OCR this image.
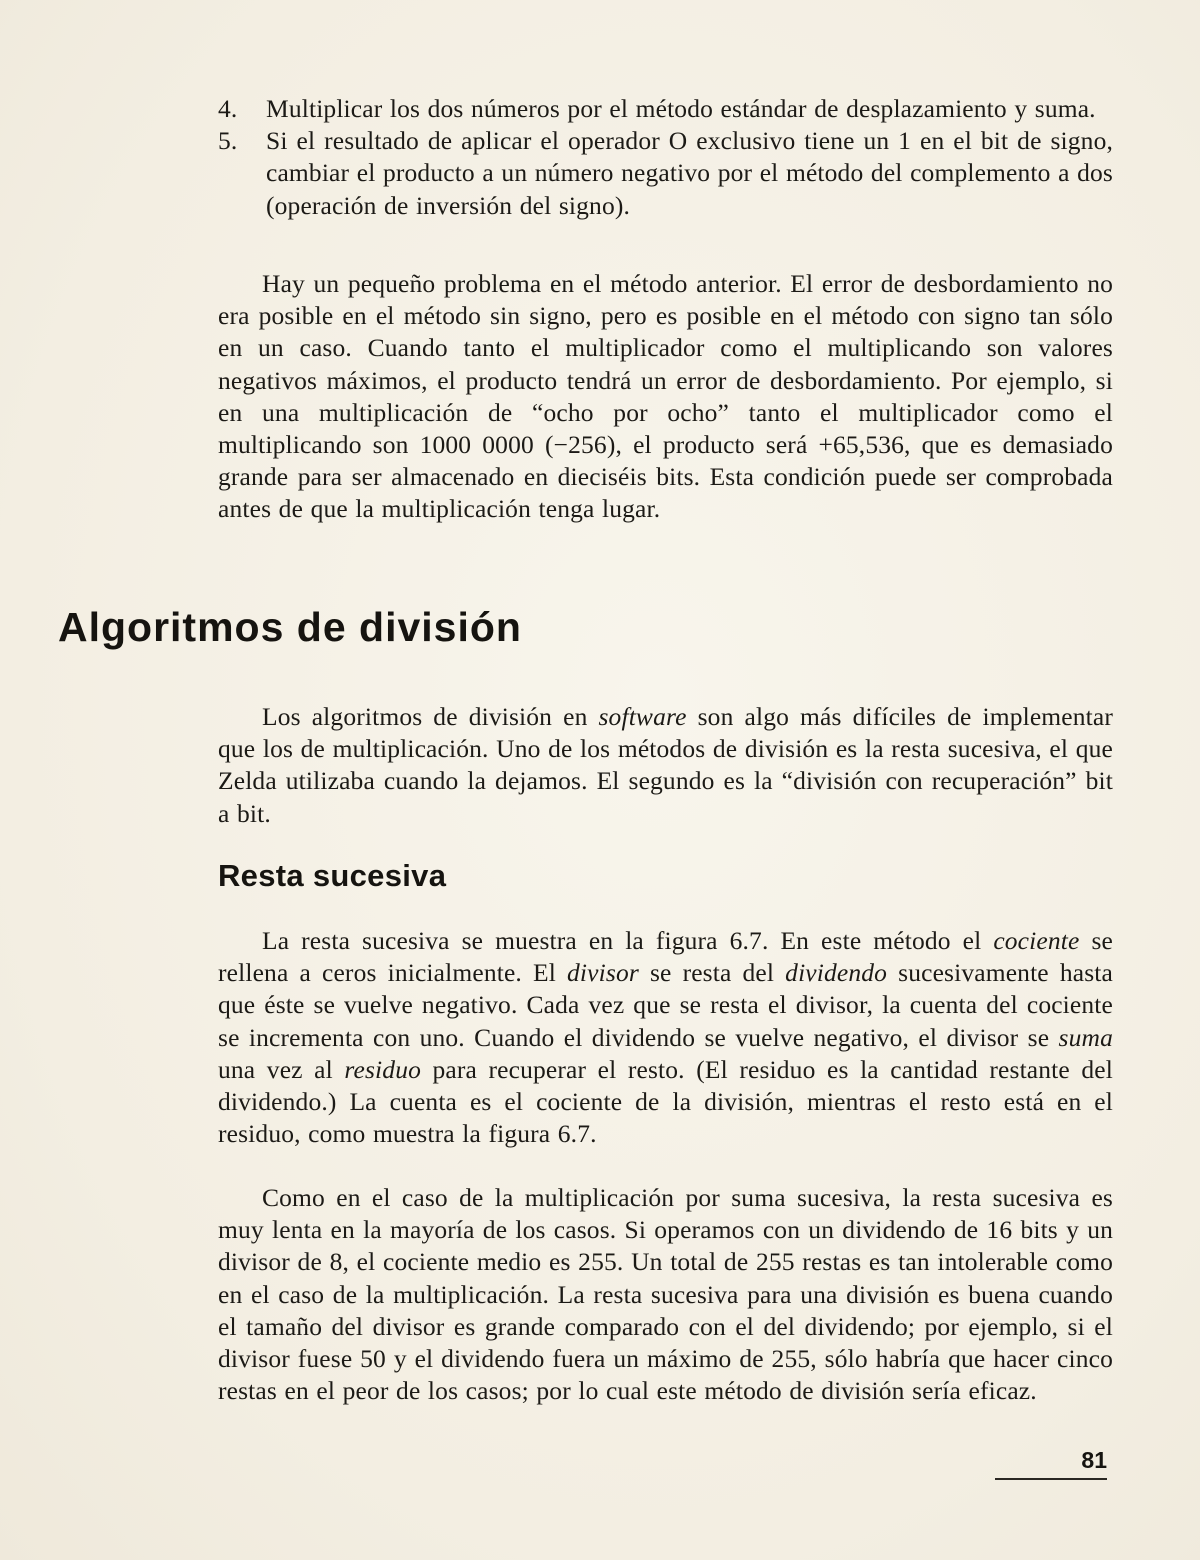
4.	Multiplicar los dos números por el método estándar de desplazamiento y suma.
5.	Si el resultado de aplicar el operador O exclusivo tiene un 1 en el bit de signo, cambiar el producto a un número negativo por el método del complemento a dos (operación de inversión del signo).

Hay un pequeño problema en el método anterior. El error de desbordamiento no era posible en el método sin signo, pero es posible en el método con signo tan sólo en un caso. Cuando tanto el multiplicador como el multiplicando son valores negativos máximos, el producto tendrá un error de desbordamiento. Por ejemplo, si en una multiplicación de “ocho por ocho” tanto el multiplicador como el multiplicando son 1000 0000 (−256), el producto será +65,536, que es demasiado grande para ser almacenado en dieciséis bits. Esta condición puede ser comprobada antes de que la multiplicación tenga lugar.

Algoritmos de división

Los algoritmos de división en software son algo más difíciles de implementar que los de multiplicación. Uno de los métodos de división es la resta sucesiva, el que Zelda utilizaba cuando la dejamos. El segundo es la “división con recuperación” bit a bit.

Resta sucesiva

La resta sucesiva se muestra en la figura 6.7. En este método el cociente se rellena a ceros inicialmente. El divisor se resta del dividendo sucesivamente hasta que éste se vuelve negativo. Cada vez que se resta el divisor, la cuenta del cociente se incrementa con uno. Cuando el dividendo se vuelve negativo, el divisor se suma una vez al residuo para recuperar el resto. (El residuo es la cantidad restante del dividendo.) La cuenta es el cociente de la división, mientras el resto está en el residuo, como muestra la figura 6.7.

Como en el caso de la multiplicación por suma sucesiva, la resta sucesiva es muy lenta en la mayoría de los casos. Si operamos con un dividendo de 16 bits y un divisor de 8, el cociente medio es 255. Un total de 255 restas es tan intolerable como en el caso de la multiplicación. La resta sucesiva para una división es buena cuando el tamaño del divisor es grande comparado con el del dividendo; por ejemplo, si el divisor fuese 50 y el dividendo fuera un máximo de 255, sólo habría que hacer cinco restas en el peor de los casos; por lo cual este método de división sería eficaz.

81
